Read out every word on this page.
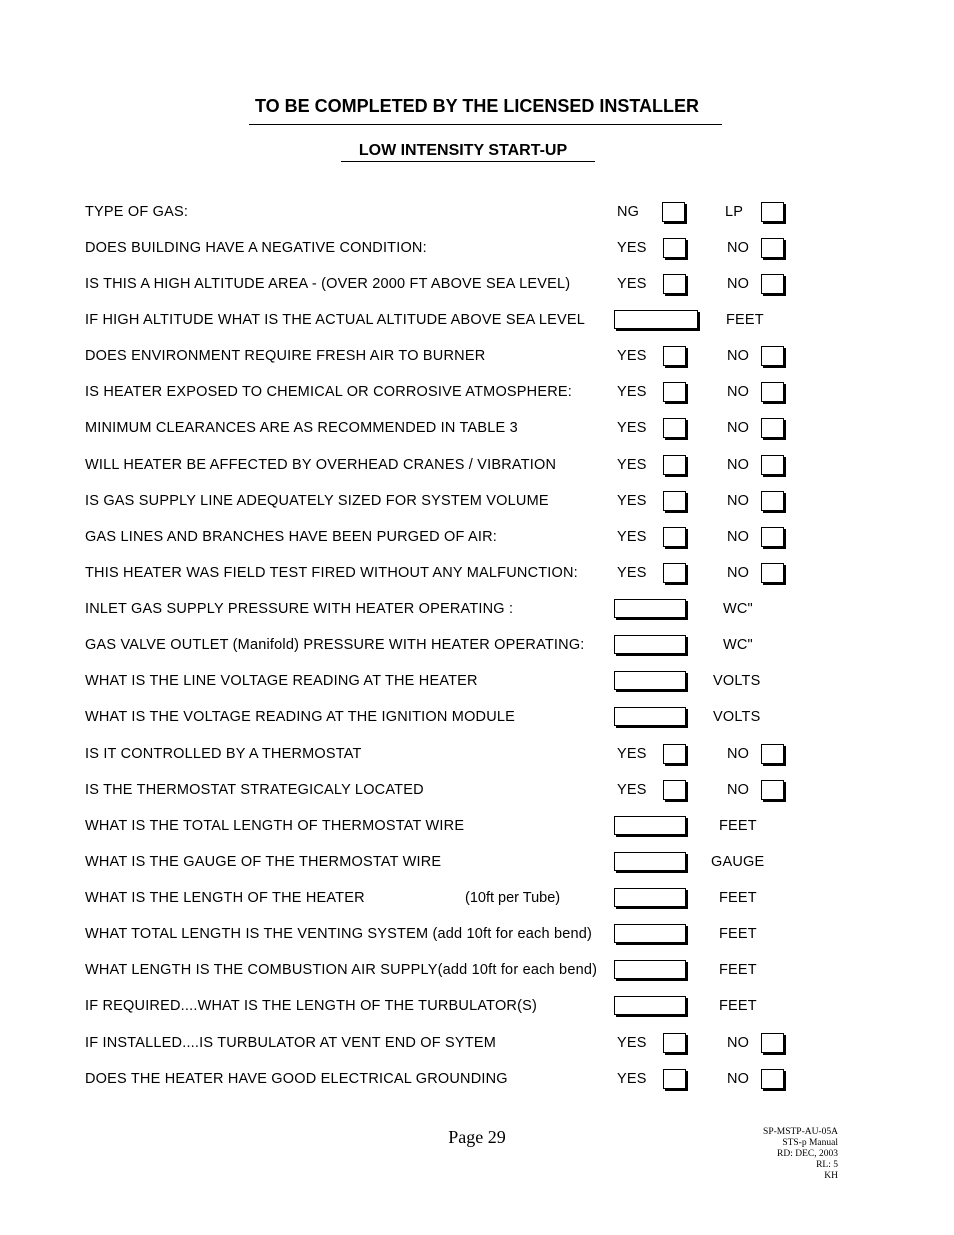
TO BE COMPLETED BY THE LICENSED INSTALLER
LOW INTENSITY START-UP
TYPE OF GAS:	NG	LP
DOES BUILDING HAVE A NEGATIVE CONDITION:	YES	NO
IS THIS A HIGH ALTITUDE AREA - (OVER 2000 FT ABOVE SEA LEVEL)	YES	NO
IF HIGH ALTITUDE WHAT IS THE ACTUAL ALTITUDE ABOVE SEA LEVEL	FEET
DOES ENVIRONMENT REQUIRE FRESH AIR TO BURNER	YES	NO
IS HEATER EXPOSED TO CHEMICAL OR CORROSIVE ATMOSPHERE:	YES	NO
MINIMUM CLEARANCES ARE AS RECOMMENDED IN TABLE 3	YES	NO
WILL HEATER BE AFFECTED BY OVERHEAD CRANES / VIBRATION	YES	NO
IS GAS SUPPLY LINE ADEQUATELY SIZED FOR SYSTEM VOLUME	YES	NO
GAS LINES AND BRANCHES HAVE BEEN PURGED OF AIR:	YES	NO
THIS HEATER WAS FIELD TEST FIRED WITHOUT ANY MALFUNCTION:	YES	NO
INLET GAS SUPPLY PRESSURE WITH HEATER OPERATING :	WC"
GAS VALVE OUTLET (Manifold) PRESSURE WITH HEATER OPERATING:	WC"
WHAT IS THE LINE VOLTAGE READING AT THE HEATER	VOLTS
WHAT IS THE VOLTAGE READING AT THE IGNITION MODULE	VOLTS
IS IT CONTROLLED BY A THERMOSTAT	YES	NO
IS THE THERMOSTAT STRATEGICALY LOCATED	YES	NO
WHAT IS THE TOTAL LENGTH OF THERMOSTAT WIRE	FEET
WHAT IS THE GAUGE OF THE THERMOSTAT WIRE	GAUGE
WHAT IS THE LENGTH OF THE HEATER	(10ft per Tube)	FEET
WHAT TOTAL LENGTH IS THE VENTING SYSTEM (add 10ft for each bend)	FEET
WHAT LENGTH IS THE COMBUSTION AIR SUPPLY(add 10ft for each bend)	FEET
IF REQUIRED....WHAT IS THE LENGTH OF THE TURBULATOR(S)	FEET
IF INSTALLED....IS TURBULATOR AT VENT END OF SYTEM	YES	NO
DOES THE HEATER HAVE GOOD ELECTRICAL GROUNDING	YES	NO
Page 29	SP-MSTP-AU-05A
STS-p Manual
RD: DEC, 2003
RL: 5
KH
